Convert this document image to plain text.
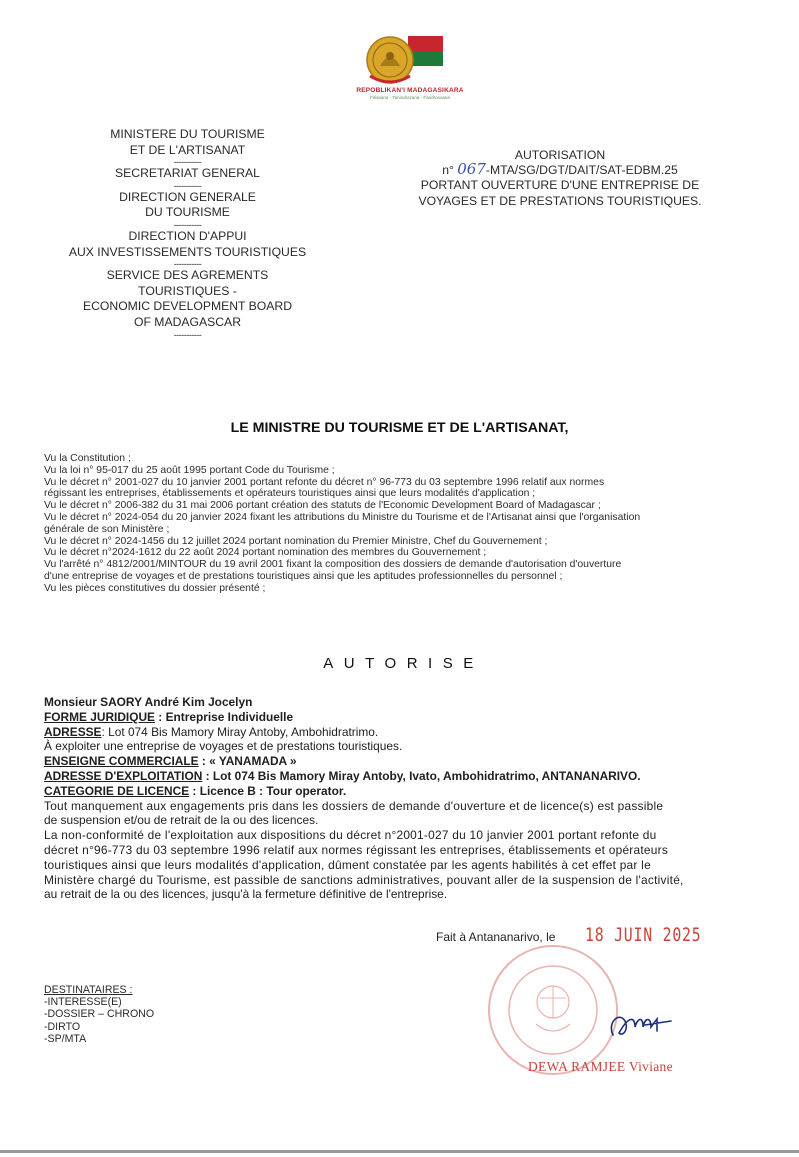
REPOBLIKAN'I MADAGASIKARA
Fitiavana - Tanindrazana - Fandrosoana
MINISTERE DU TOURISME
ET DE L'ARTISANAT
-----------
SECRETARIAT GENERAL
-----------
DIRECTION GENERALE
DU TOURISME
-----------
DIRECTION D'APPUI
AUX INVESTISSEMENTS TOURISTIQUES
-----------
SERVICE DES AGREMENTS
TOURISTIQUES -
ECONOMIC DEVELOPMENT BOARD
OF MADAGASCAR
-----------
AUTORISATION
n° 067-MTA/SG/DGT/DAIT/SAT-EDBM.25
PORTANT OUVERTURE D'UNE ENTREPRISE DE
VOYAGES ET DE PRESTATIONS TOURISTIQUES.
LE MINISTRE DU TOURISME ET DE L'ARTISANAT,
Vu la Constitution ;
Vu la loi n° 95-017 du 25 août 1995 portant Code du Tourisme ;
Vu le décret n° 2001-027 du 10 janvier 2001 portant refonte du décret n° 96-773 du 03 septembre 1996 relatif aux normes
régissant les entreprises, établissements et opérateurs touristiques ainsi que leurs modalités d'application ;
Vu le décret n° 2006-382 du 31 mai 2006 portant création des statuts de l'Economic Development Board of Madagascar ;
Vu le décret n° 2024-054 du 20 janvier 2024 fixant les attributions du Ministre du Tourisme et de l'Artisanat ainsi que l'organisation
générale de son Ministère ;
Vu le décret n° 2024-1456 du 12 juillet 2024 portant nomination du Premier Ministre, Chef du Gouvernement ;
Vu le décret n°2024-1612 du 22 août 2024 portant nomination des membres du Gouvernement ;
Vu l'arrêté n° 4812/2001/MINTOUR du 19 avril 2001 fixant la composition des dossiers de demande d'autorisation d'ouverture
d'une entreprise de voyages et de prestations touristiques ainsi que les aptitudes professionnelles du personnel ;
Vu les pièces constitutives du dossier présenté ;
AUTORISE
Monsieur SAORY André Kim Jocelyn
FORME JURIDIQUE : Entreprise Individuelle
ADRESSE: Lot 074 Bis Mamory Miray Antoby, Ambohidratrimo.
À exploiter une entreprise de voyages et de prestations touristiques.
ENSEIGNE COMMERCIALE : « YANAMADA »
ADRESSE D'EXPLOITATION : Lot 074 Bis Mamory Miray Antoby, Ivato, Ambohidratrimo, ANTANANARIVO.
CATEGORIE DE LICENCE : Licence B : Tour operator.
Tout manquement aux engagements pris dans les dossiers de demande d'ouverture et de licence(s) est passible
de suspension et/ou de retrait de la ou des licences.
La non-conformité de l'exploitation aux dispositions du décret n°2001-027 du 10 janvier 2001 portant refonte du
décret n°96-773 du 03 septembre 1996 relatif aux normes régissant les entreprises, établissements et opérateurs
touristiques ainsi que leurs modalités d'application, dûment constatée par les agents habilités à cet effet par le
Ministère chargé du Tourisme, est passible de sanctions administratives, pouvant aller de la suspension de l'activité,
au retrait de la ou des licences, jusqu'à la fermeture définitive de l'entreprise.
Fait à Antananarivo, le 18 JUIN 2025
DEWA RAMJEE Viviane
DESTINATAIRES :
-INTERESSE(E)
-DOSSIER – CHRONO
-DIRTO
-SP/MTA
